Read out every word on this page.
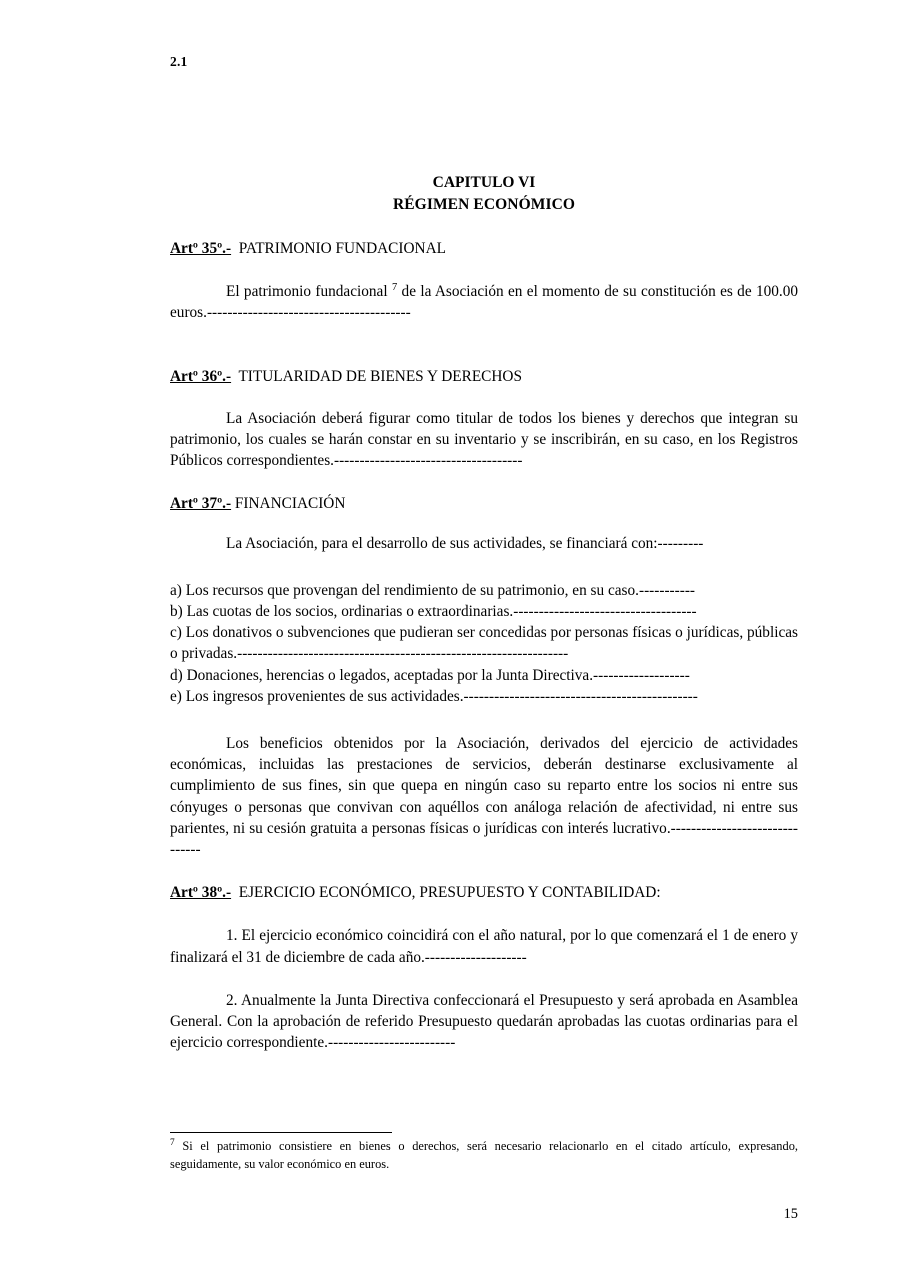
2.1
CAPITULO VI
RÉGIMEN ECONÓMICO
Artº 35º.- PATRIMONIO FUNDACIONAL

El patrimonio fundacional $^7$ de la Asociación en el momento de su constitución es de 100.00 euros.----------------------------------------

Artº 36º.- TITULARIDAD DE BIENES Y DERECHOS

La Asociación deberá figurar como titular de todos los bienes y derechos que integran su patrimonio, los cuales se harán constar en su inventario y se inscribirán, en su caso, en los Registros Públicos correspondientes.-------------------------------------

Artº 37º.- FINANCIACIÓN

La Asociación, para el desarrollo de sus actividades, se financiará con:---------

a) Los recursos que provengan del rendimiento de su patrimonio, en su caso.-----------

b) Las cuotas de los socios, ordinarias o extraordinarias.------------------------------------

c) Los donativos o subvenciones que pudieran ser concedidas por personas físicas o jurídicas, públicas o privadas.-----------------------------------------------------------------

d) Donaciones, herencias o legados, aceptadas por la Junta Directiva.-------------------

e) Los ingresos provenientes de sus actividades.----------------------------------------------

Los beneficios obtenidos por la Asociación, derivados del ejercicio de actividades económicas, incluidas las prestaciones de servicios, deberán destinarse exclusivamente al cumplimiento de sus fines, sin que quepa en ningún caso su reparto entre los socios ni entre sus cónyuges o personas que convivan con aquéllos con análoga relación de afectividad, ni entre sus parientes, ni su cesión gratuita a personas físicas o jurídicas con interés lucrativo.-------------------------------

Artº 38º.- EJERCICIO ECONÓMICO, PRESUPUESTO Y CONTABILIDAD:

1. El ejercicio económico coincidirá con el año natural, por lo que comenzará el 1 de enero y finalizará el 31 de diciembre de cada año.--------------------

2. Anualmente la Junta Directiva confeccionará el Presupuesto y será aprobada en Asamblea General. Con la aprobación de referido Presupuesto quedarán aprobadas las cuotas ordinarias para el ejercicio correspondiente.-------------------------

$^7$ Si el patrimonio consistiere en bienes o derechos, será necesario relacionarlo en el citado artículo, expresando, seguidamente, su valor económico en euros.
15
